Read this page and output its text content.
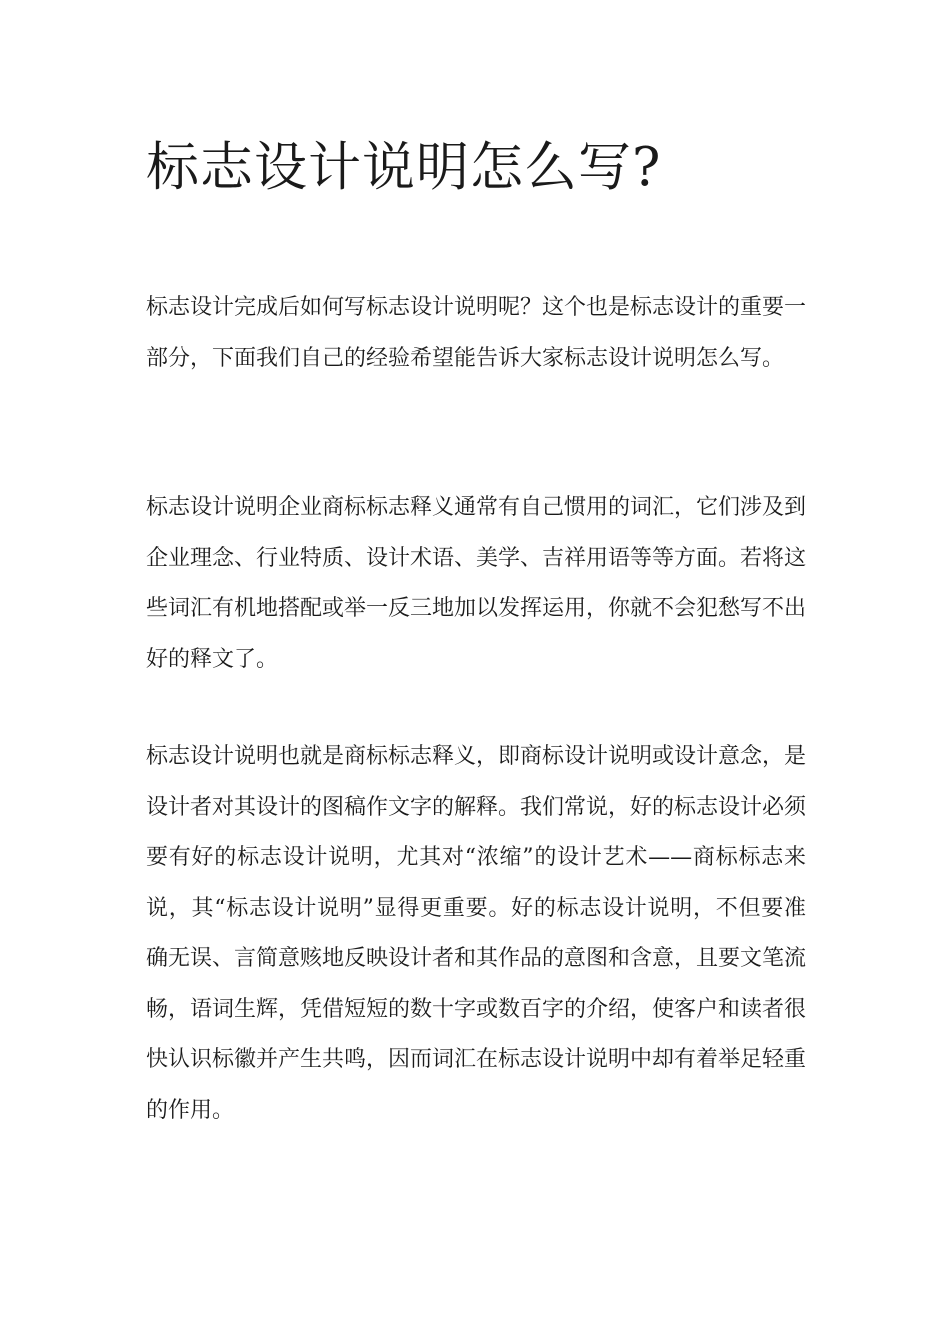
标志设计说明怎么写?

标志设计完成后如何写标志设计说明呢？这个也是标志设计的重要一部分，下面我们自己的经验希望能告诉大家标志设计说明怎么写。

标志设计说明企业商标标志释义通常有自己惯用的词汇，它们涉及到企业理念、行业特质、设计术语、美学、吉祥用语等等方面。若将这些词汇有机地搭配或举一反三地加以发挥运用，你就不会犯愁写不出好的释文了。

标志设计说明也就是商标标志释义，即商标设计说明或设计意念，是设计者对其设计的图稿作文字的解释。我们常说，好的标志设计必须要有好的标志设计说明，尤其对“浓缩”的设计艺术——商标标志来说，其“标志设计说明”显得更重要。好的标志设计说明，不但要准确无误、言简意赅地反映设计者和其作品的意图和含意，且要文笔流畅，语词生辉，凭借短短的数十字或数百字的介绍，使客户和读者很快认识标徽并产生共鸣，因而词汇在标志设计说明中却有着举足轻重的作用。
